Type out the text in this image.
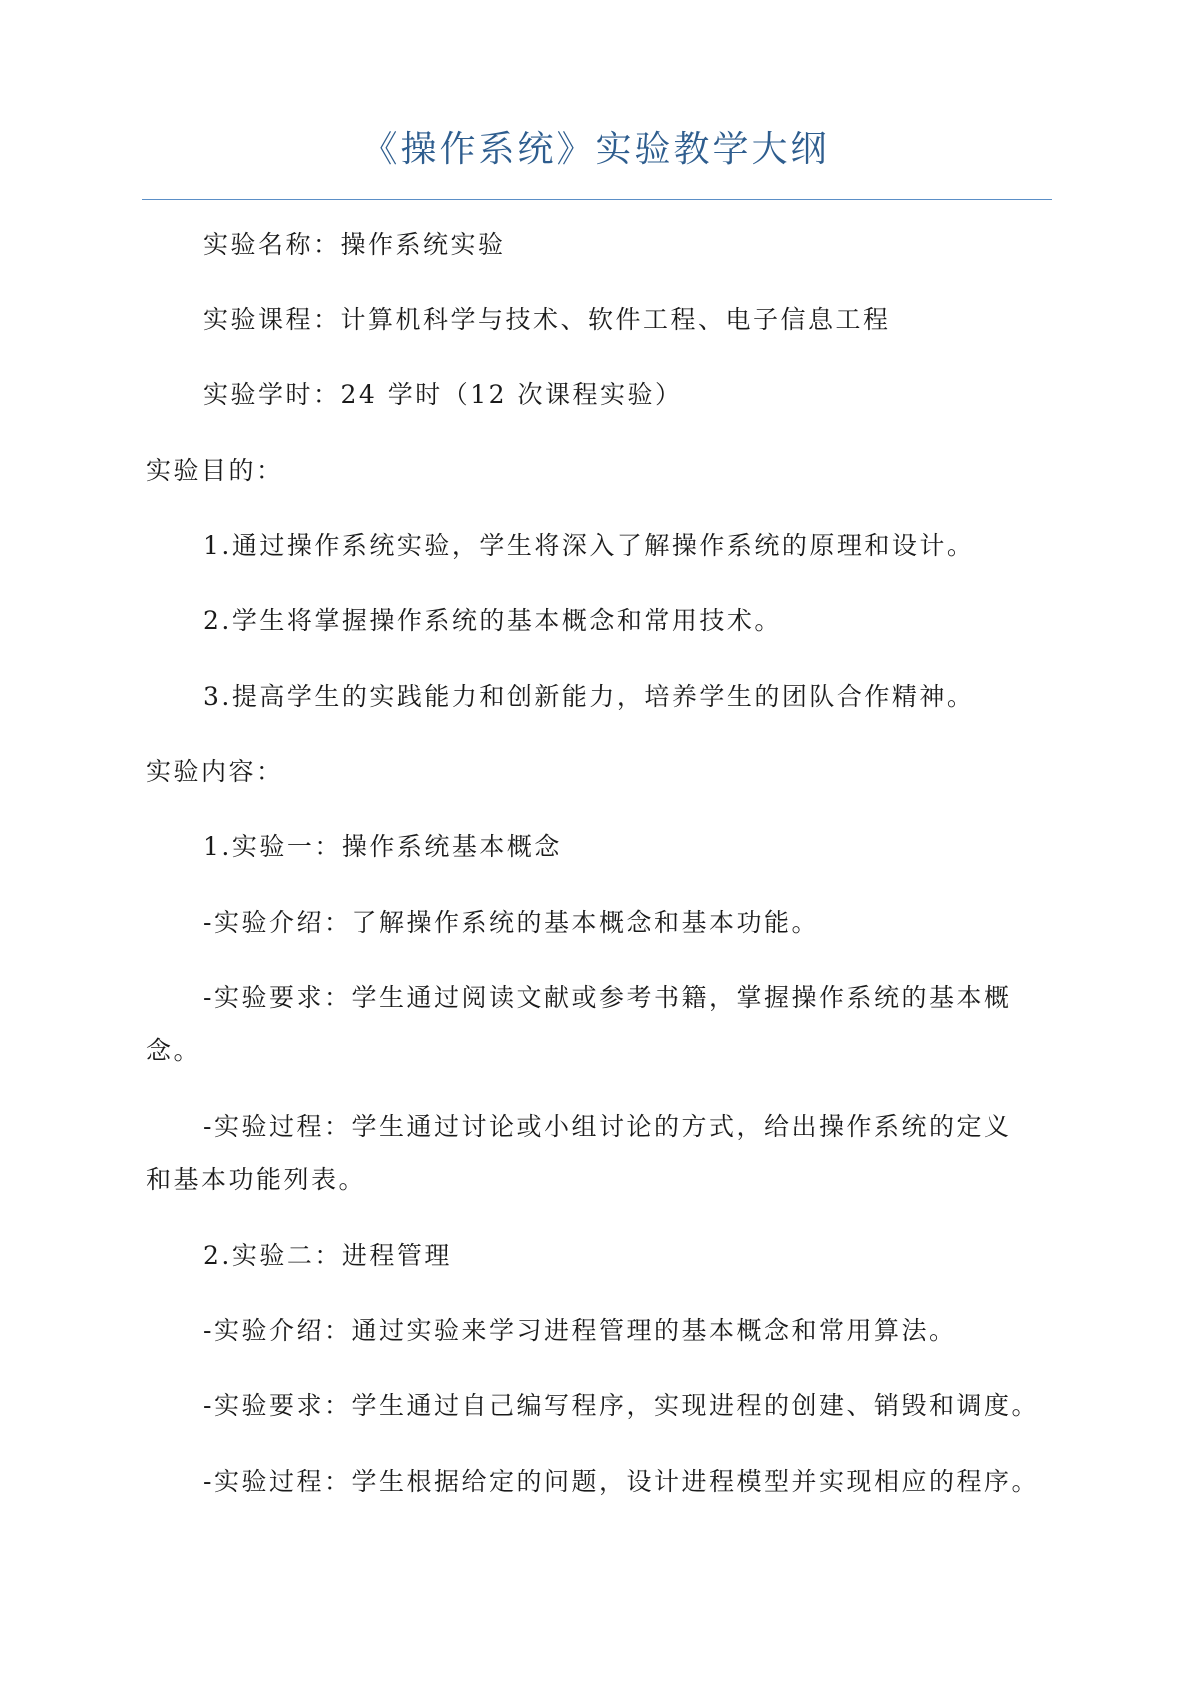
《操作系统》实验教学大纲
实验名称：操作系统实验
实验课程：计算机科学与技术、软件工程、电子信息工程
实验学时：24 学时（12 次课程实验）
实验目的：
1.通过操作系统实验，学生将深入了解操作系统的原理和设计。
2.学生将掌握操作系统的基本概念和常用技术。
3.提高学生的实践能力和创新能力，培养学生的团队合作精神。
实验内容：
1.实验一：操作系统基本概念
-实验介绍：了解操作系统的基本概念和基本功能。
-实验要求：学生通过阅读文献或参考书籍，掌握操作系统的基本概
念。
-实验过程：学生通过讨论或小组讨论的方式，给出操作系统的定义
和基本功能列表。
2.实验二：进程管理
-实验介绍：通过实验来学习进程管理的基本概念和常用算法。
-实验要求：学生通过自己编写程序，实现进程的创建、销毁和调度。
-实验过程：学生根据给定的问题，设计进程模型并实现相应的程序。
